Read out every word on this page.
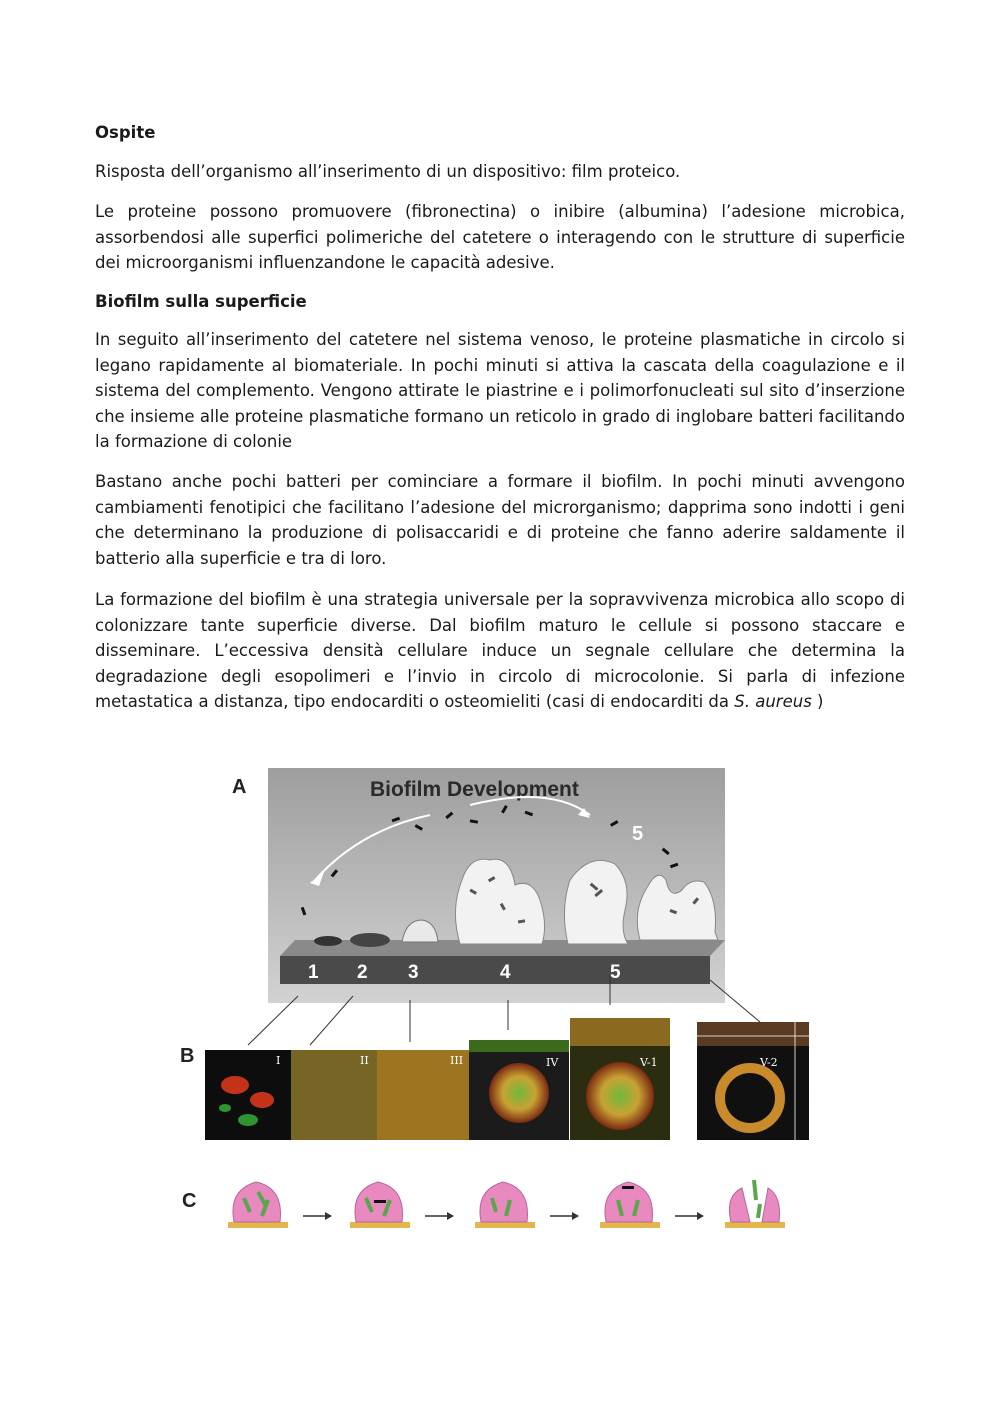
Ospite

Risposta dell’organismo all’inserimento di un dispositivo: film proteico.

Le proteine possono promuovere (fibronectina) o inibire (albumina) l’adesione microbica, assorbendosi alle superfici polimeriche del catetere o interagendo con le strutture di superficie dei microorganismi influenzandone le capacità adesive.

Biofilm sulla superficie

In seguito all’inserimento del catetere nel sistema venoso, le proteine plasmatiche in circolo si legano rapidamente al biomateriale. In pochi minuti si attiva la cascata della coagulazione e il sistema del complemento. Vengono attirate le piastrine e i polimorfonucleati sul sito d’inserzione che insieme alle proteine plasmatiche formano un reticolo in grado di inglobare batteri facilitando la formazione di colonie

Bastano anche pochi batteri per cominciare a formare il biofilm. In pochi minuti avvengono cambiamenti fenotipici che facilitano l’adesione del microrganismo; dapprima sono indotti i geni che determinano la produzione di polisaccaridi e di proteine che fanno aderire saldamente il batterio alla superficie e tra di loro.

La formazione del biofilm è una strategia universale per la sopravvivenza microbica allo scopo di colonizzare tante superficie diverse. Dal biofilm maturo le cellule si possono staccare e disseminare. L’eccessiva densità cellulare induce un segnale cellulare che determina la degradazione degli esopolimeri e l’invio in circolo di microcolonie. Si parla di infezione metastatica a distanza, tipo endocarditi o osteomieliti (casi di endocarditi da S. aureus )

A
B
C
Biofilm Development
5
1 2 3	4	5
I	II	III	IV	V-1	V-2
